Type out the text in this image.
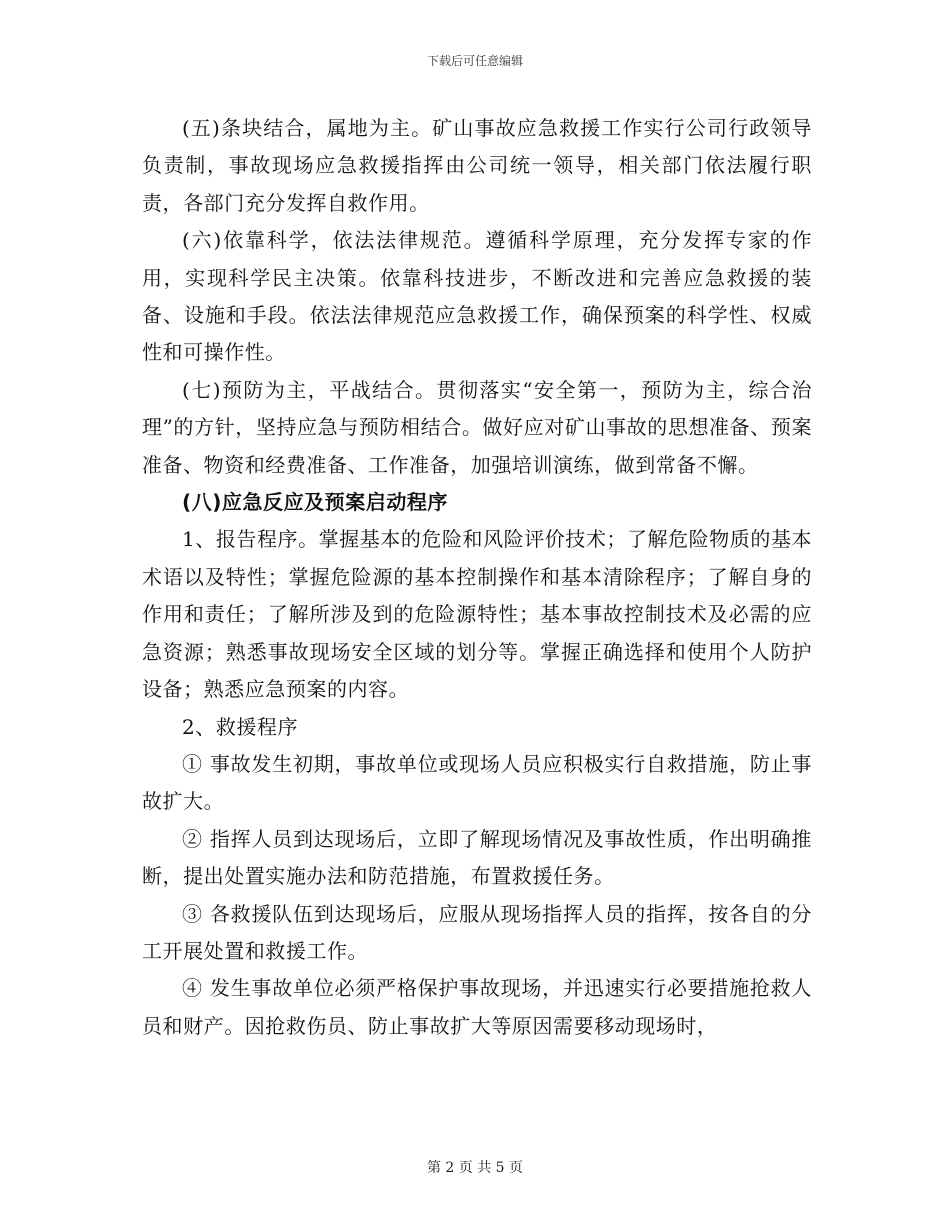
下载后可任意编辑

(五)条块结合，属地为主。矿山事故应急救援工作实行公司行政领导负责制，事故现场应急救援指挥由公司统一领导，相关部门依法履行职责，各部门充分发挥自救作用。

(六)依靠科学，依法法律规范。遵循科学原理，充分发挥专家的作用，实现科学民主决策。依靠科技进步，不断改进和完善应急救援的装备、设施和手段。依法法律规范应急救援工作，确保预案的科学性、权威性和可操作性。

(七)预防为主，平战结合。贯彻落实“安全第一，预防为主，综合治理”的方针，坚持应急与预防相结合。做好应对矿山事故的思想准备、预案准备、物资和经费准备、工作准备，加强培训演练，做到常备不懈。

(八)应急反应及预案启动程序

1、报告程序。掌握基本的危险和风险评价技术；了解危险物质的基本术语以及特性；掌握危险源的基本控制操作和基本清除程序；了解自身的作用和责任；了解所涉及到的危险源特性；基本事故控制技术及必需的应急资源；熟悉事故现场安全区域的划分等。掌握正确选择和使用个人防护设备；熟悉应急预案的内容。

2、救援程序

① 事故发生初期，事故单位或现场人员应积极实行自救措施，防止事故扩大。

② 指挥人员到达现场后，立即了解现场情况及事故性质，作出明确推断，提出处置实施办法和防范措施，布置救援任务。

③ 各救援队伍到达现场后，应服从现场指挥人员的指挥，按各自的分工开展处置和救援工作。

④ 发生事故单位必须严格保护事故现场，并迅速实行必要措施抢救人员和财产。因抢救伤员、防止事故扩大等原因需要移动现场时，

第 2 页 共 5 页
